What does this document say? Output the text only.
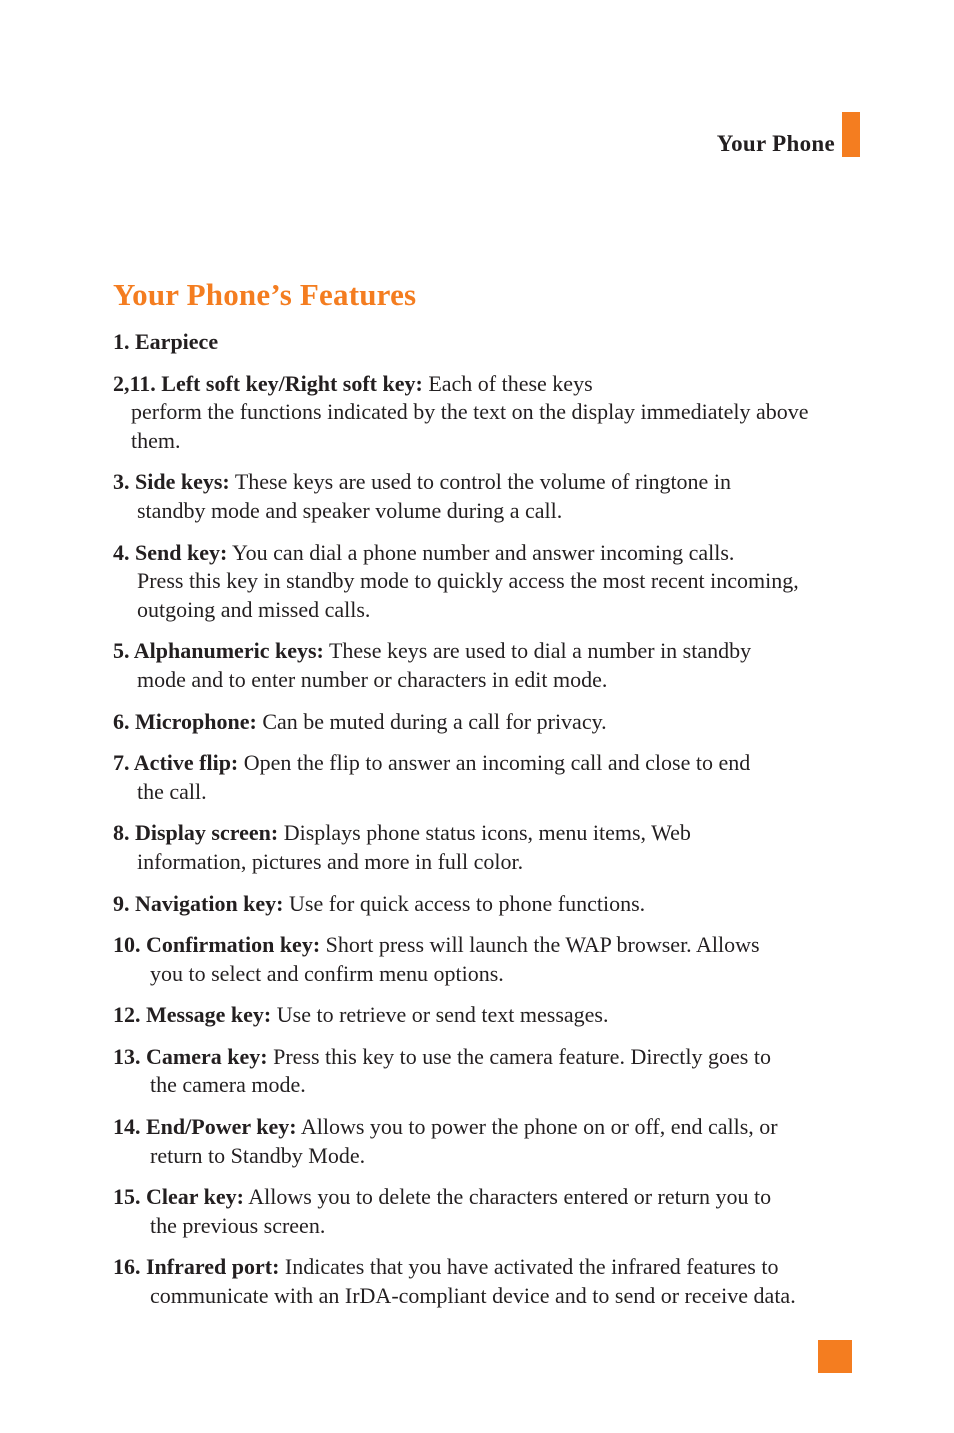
Your Phone
Your Phone’s Features
1. Earpiece
2,11. Left soft key/Right soft key: Each of these keys
perform the functions indicated by the text on the display immediately above them.
3. Side keys: These keys are used to control the volume of ringtone in
standby mode and speaker volume during a call.
4. Send key: You can dial a phone number and answer incoming calls.
Press this key in standby mode to quickly access the most recent incoming, outgoing and missed calls.
5. Alphanumeric keys: These keys are used to dial a number in standby
mode and to enter number or characters in edit mode.
6. Microphone: Can be muted during a call for privacy.
7. Active flip: Open the flip to answer an incoming call and close to end
the call.
8. Display screen: Displays phone status icons, menu items, Web
information, pictures and more in full color.
9. Navigation key: Use for quick access to phone functions.
10. Confirmation key: Short press will launch the WAP browser. Allows
you to select and confirm menu options.
12. Message key: Use to retrieve or send text messages.
13. Camera key: Press this key to use the camera feature. Directly goes to
the camera mode.
14. End/Power key: Allows you to power the phone on or off, end calls, or
return to Standby Mode.
15. Clear key: Allows you to delete the characters entered or return you to
the previous screen.
16. Infrared port: Indicates that you have activated the infrared features to
communicate with an IrDA-compliant device and to send or receive data.
